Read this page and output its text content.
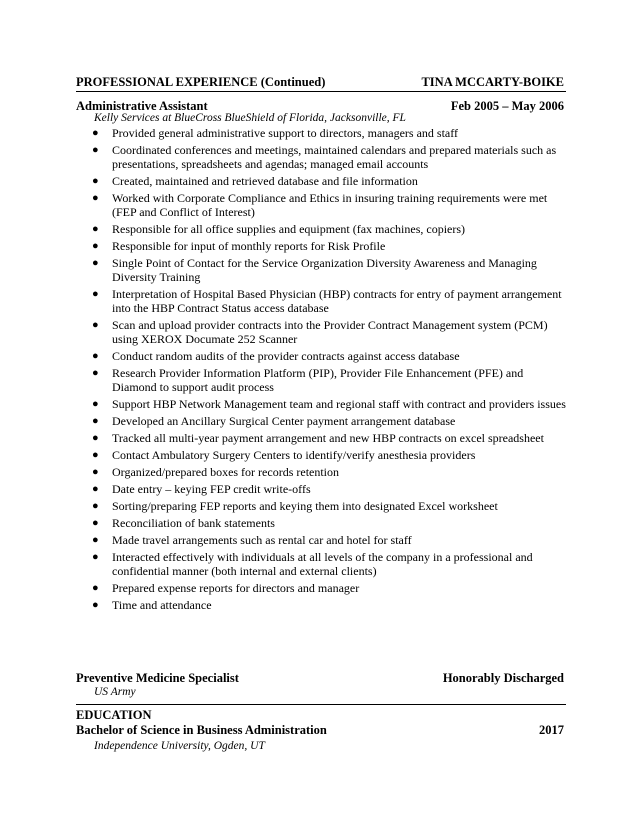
PROFESSIONAL EXPERIENCE (Continued)	TINA MCCARTY-BOIKE
Administrative Assistant	Feb 2005 – May 2006
Kelly Services at BlueCross BlueShield of Florida, Jacksonville, FL
● Provided general administrative support to directors, managers and staff
● Coordinated conferences and meetings, maintained calendars and prepared materials such as presentations, spreadsheets and agendas; managed email accounts
● Created, maintained and retrieved database and file information
● Worked with Corporate Compliance and Ethics in insuring training requirements were met (FEP and Conflict of Interest)
● Responsible for all office supplies and equipment (fax machines, copiers)
● Responsible for input of monthly reports for Risk Profile
● Single Point of Contact for the Service Organization Diversity Awareness and Managing Diversity Training
● Interpretation of Hospital Based Physician (HBP) contracts for entry of payment arrangement into the HBP Contract Status access database
● Scan and upload provider contracts into the Provider Contract Management system (PCM) using XEROX Documate 252 Scanner
● Conduct random audits of the provider contracts against access database
● Research Provider Information Platform (PIP), Provider File Enhancement (PFE) and Diamond to support audit process
● Support HBP Network Management team and regional staff with contract and providers issues
● Developed an Ancillary Surgical Center payment arrangement database
● Tracked all multi-year payment arrangement and new HBP contracts on excel spreadsheet
● Contact Ambulatory Surgery Centers to identify/verify anesthesia providers
● Organized/prepared boxes for records retention
● Date entry – keying FEP credit write-offs
● Sorting/preparing FEP reports and keying them into designated Excel worksheet
● Reconciliation of bank statements
● Made travel arrangements such as rental car and hotel for staff
● Interacted effectively with individuals at all levels of the company in a professional and confidential manner (both internal and external clients)
● Prepared expense reports for directors and manager
● Time and attendance
Preventive Medicine Specialist	Honorably Discharged
US Army
EDUCATION
Bachelor of Science in Business Administration	2017
Independence University, Ogden, UT
